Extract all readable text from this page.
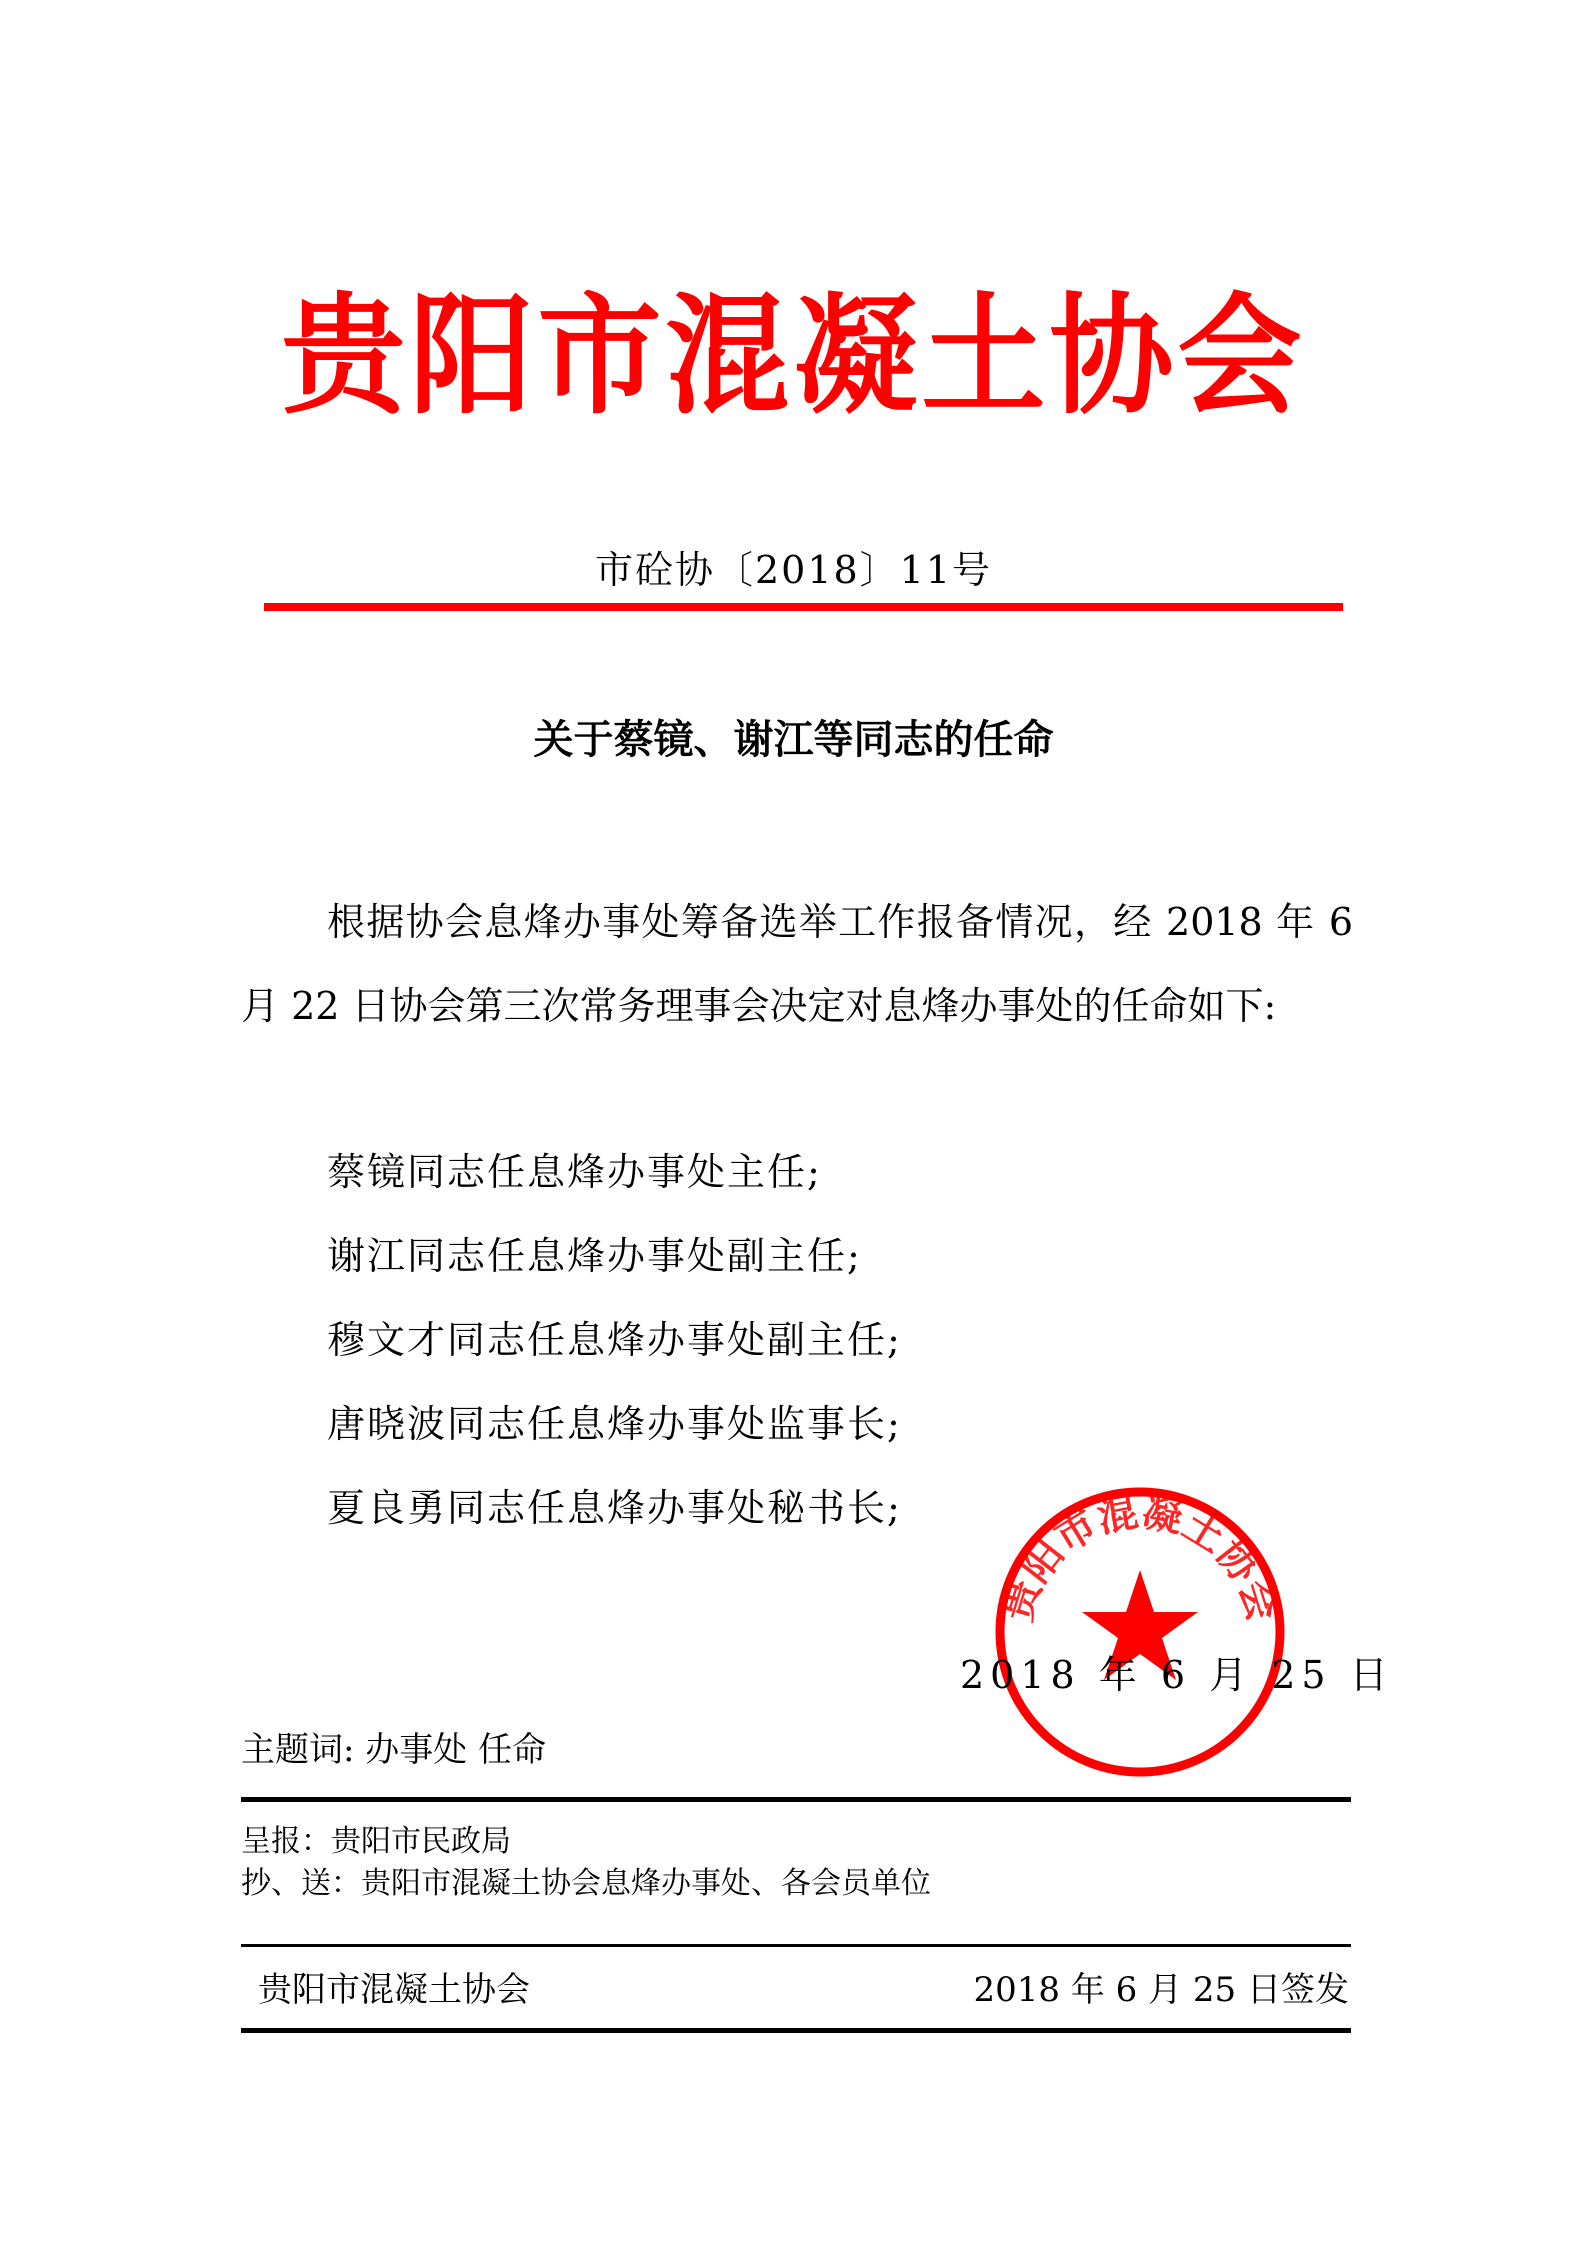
贵阳市混凝土协会
市砼协〔2018〕11号
关于蔡镜、谢江等同志的任命
根据协会息烽办事处筹备选举工作报备情况，经 2018 年 6 月 22 日协会第三次常务理事会决定对息烽办事处的任命如下:
蔡镜同志任息烽办事处主任;
谢江同志任息烽办事处副主任;
穆文才同志任息烽办事处副主任;
唐晓波同志任息烽办事处监事长;
夏良勇同志任息烽办事处秘书长;
贵阳市混凝土协会
2018 年 6 月 25 日
主题词: 办事处 任命
呈报：贵阳市民政局
抄、送：贵阳市混凝土协会息烽办事处、各会员单位
贵阳市混凝土协会	2018 年 6 月 25 日签发
